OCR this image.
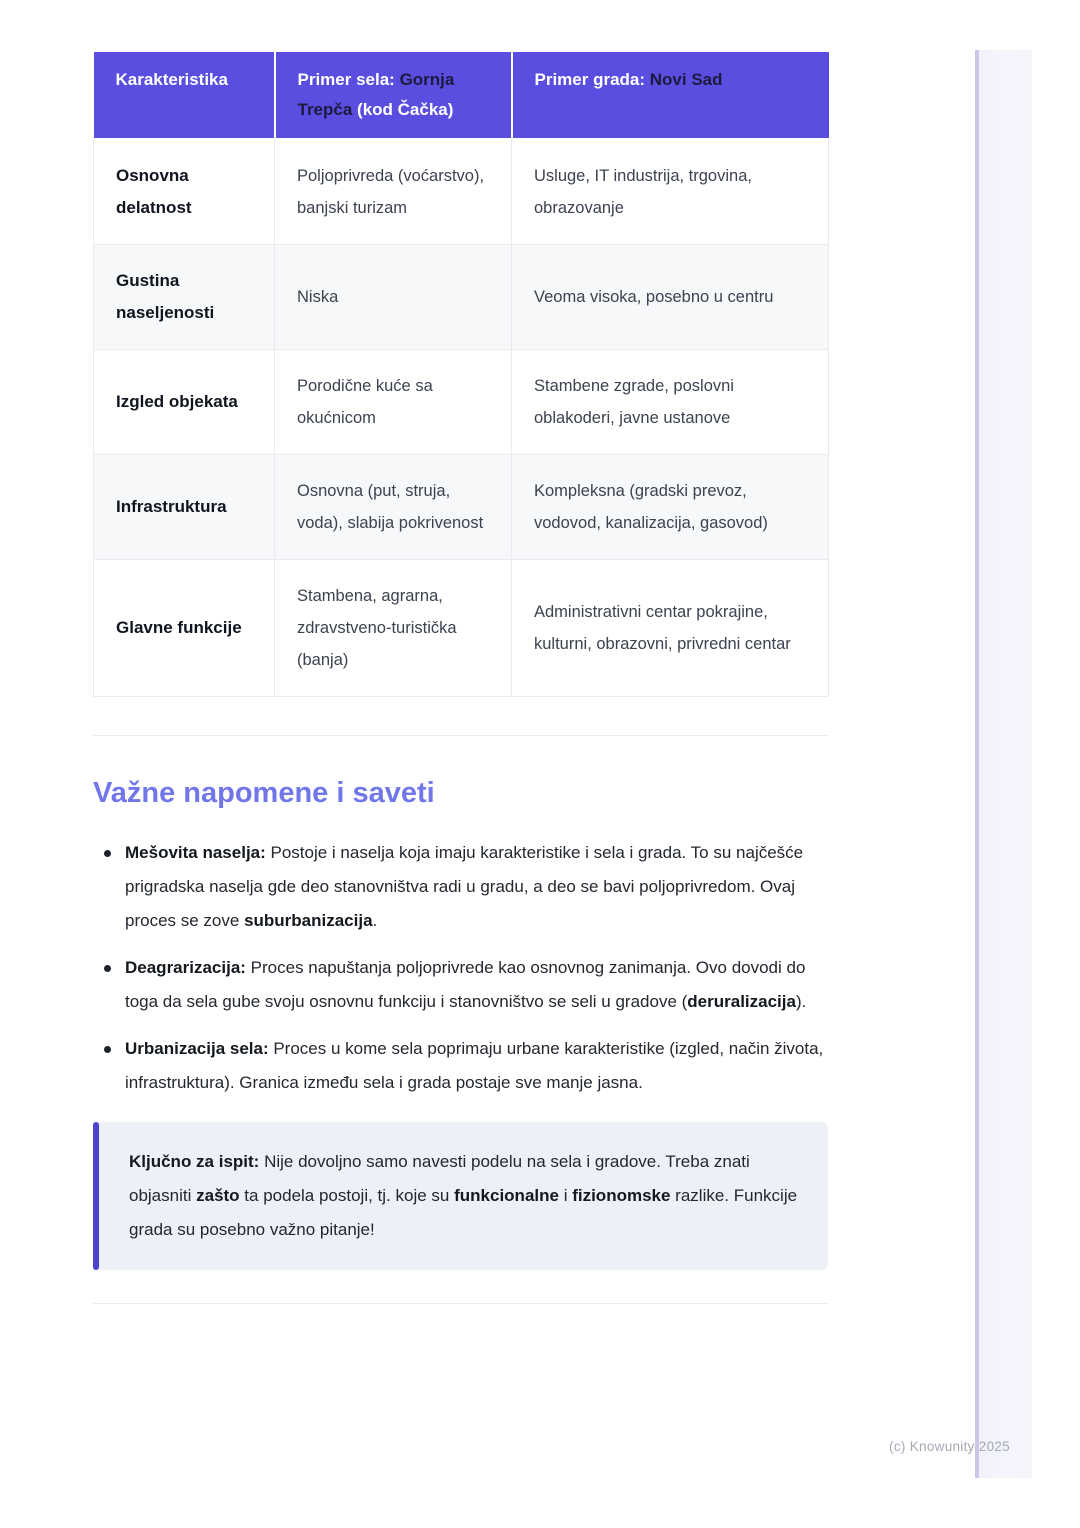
Karakteristika	Primer sela: Gornja Trepča (kod Čačka)	Primer grada: Novi Sad
Osnovna delatnost	Poljoprivreda (voćarstvo), banjski turizam	Usluge, IT industrija, trgovina, obrazovanje
Gustina naseljenosti	Niska	Veoma visoka, posebno u centru
Izgled objekata	Porodične kuće sa okućnicom	Stambene zgrade, poslovni oblakoderi, javne ustanove
Infrastruktura	Osnovna (put, struja, voda), slabija pokrivenost	Kompleksna (gradski prevoz, vodovod, kanalizacija, gasovod)
Glavne funkcije	Stambena, agrarna, zdravstveno-turistička (banja)	Administrativni centar pokrajine, kulturni, obrazovni, privredni centar
Važne napomene i saveti
Mešovita naselja: Postoje i naselja koja imaju karakteristike i sela i grada. To su najčešće prigradska naselja gde deo stanovništva radi u gradu, a deo se bavi poljoprivredom. Ovaj proces se zove suburbanizacija.
Deagrarizacija: Proces napuštanja poljoprivrede kao osnovnog zanimanja. Ovo dovodi do toga da sela gube svoju osnovnu funkciju i stanovništvo se seli u gradove (deruralizacija).
Urbanizacija sela: Proces u kome sela poprimaju urbane karakteristike (izgled, način života, infrastruktura). Granica između sela i grada postaje sve manje jasna.
Ključno za ispit: Nije dovoljno samo navesti podelu na sela i gradove. Treba znati objasniti zašto ta podela postoji, tj. koje su funkcionalne i fizionomske razlike. Funkcije grada su posebno važno pitanje!
(c) Knowunity 2025
